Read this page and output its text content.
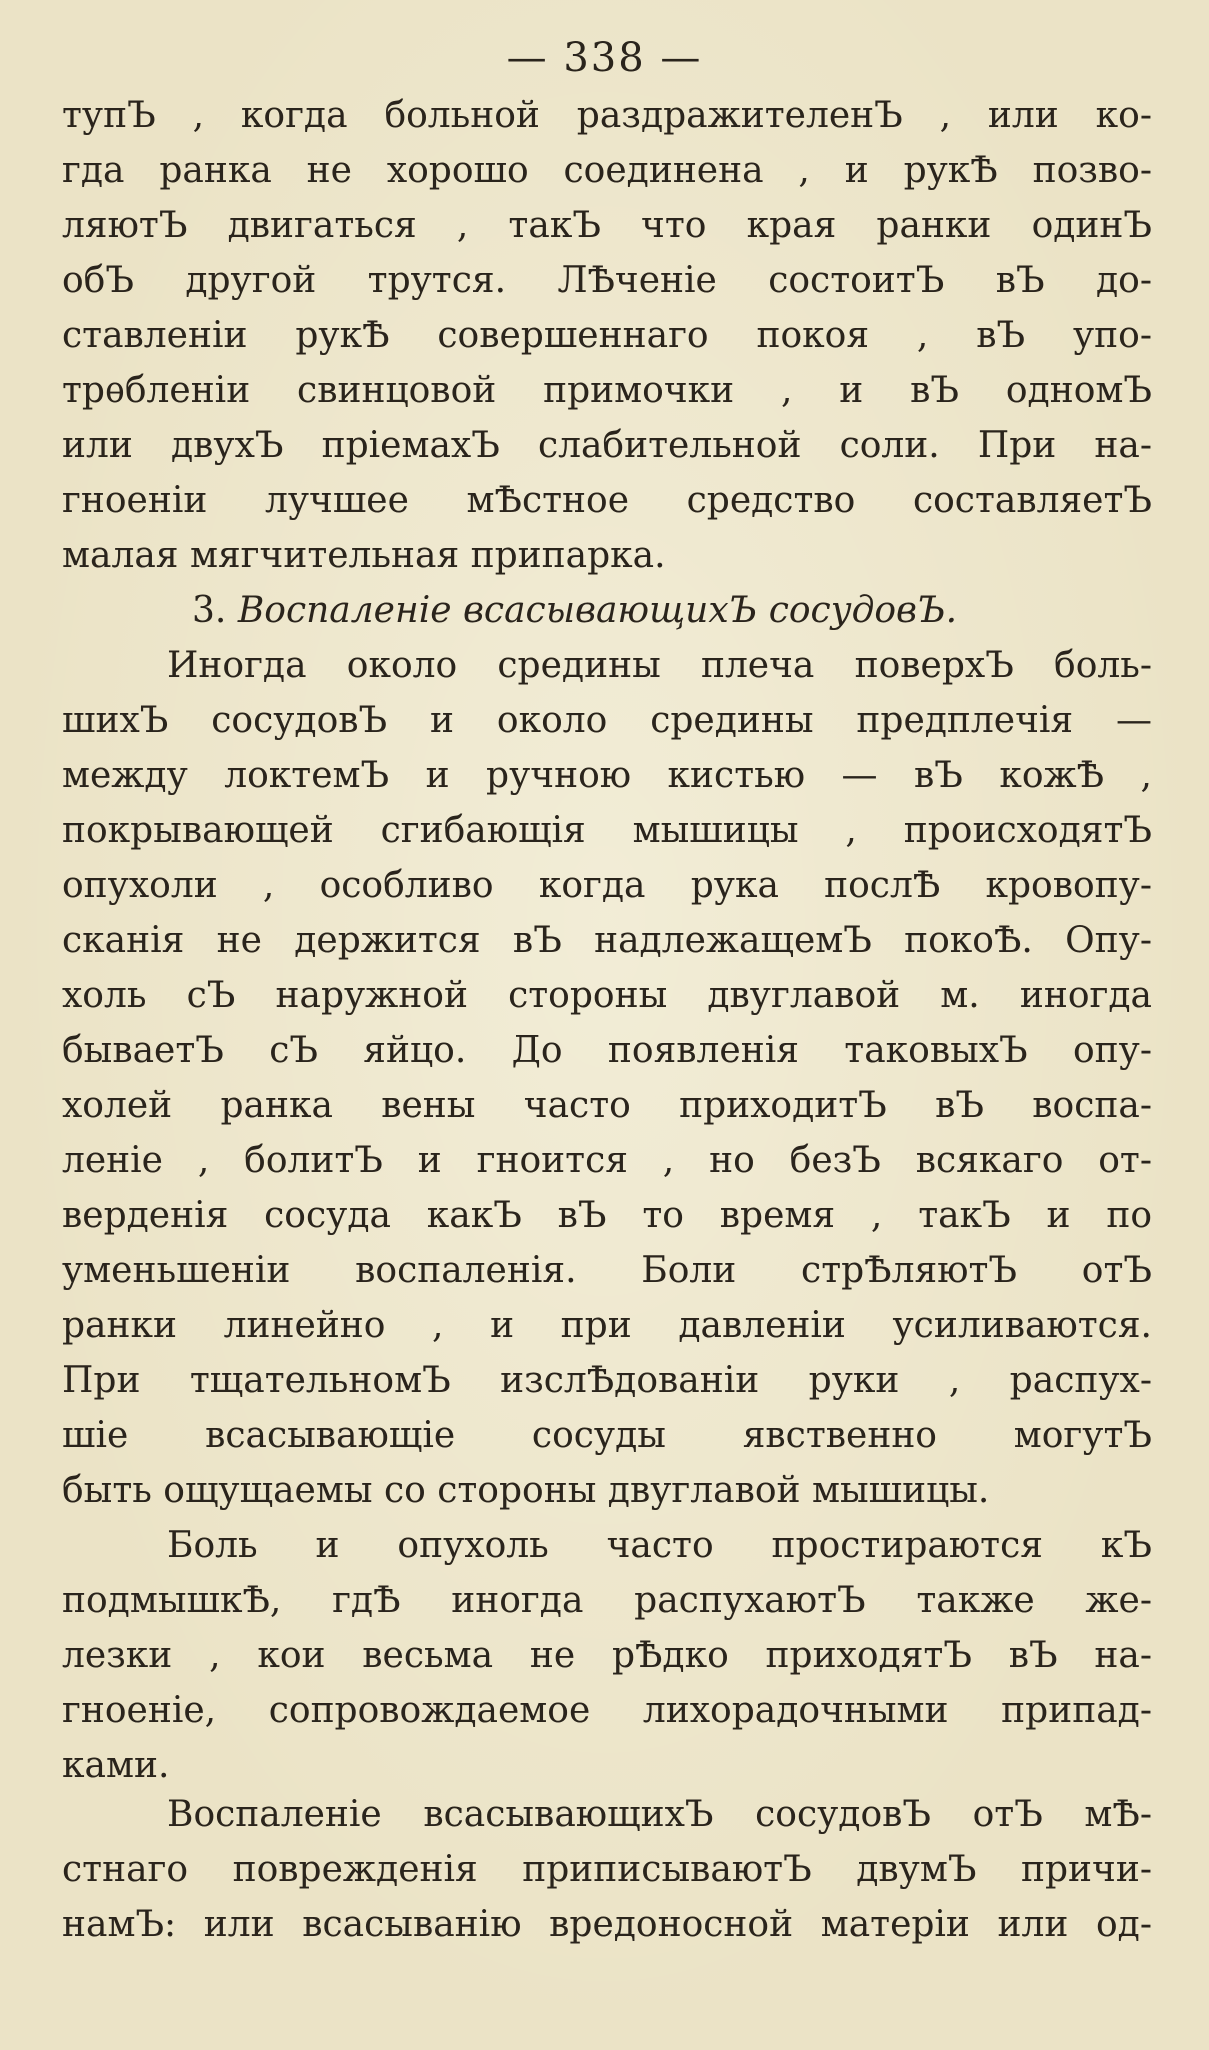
— 338 —
тупЪ , когда больной раздражителенЪ , или ко-
гда ранка не хорошо соединена , и рукѢ позво-
ляютЪ двигаться , такЪ что края ранки одинЪ
обЪ другой трутся. ЛѢченіе состоитЪ вЪ до-
ставленіи рукѢ совершеннаго покоя , вЪ упо-
трѳбленіи свинцовой примочки , и вЪ одномЪ
или двухЪ пріемахЪ слабительной соли. При на-
гноеніи лучшее мѢстное средство составляетЪ
малая мягчительная припарка.
3. Воспаленіе всасывающихЪ сосудовЪ.
Иногда около средины плеча поверхЪ боль-
шихЪ сосудовЪ и около средины предплечія —
между локтемЪ и ручною кистью — вЪ кожѢ ,
покрывающей сгибающія мышицы , происходятЪ
опухоли , особливо когда рука послѢ кровопу-
сканія не держится вЪ надлежащемЪ покоѢ. Опу-
холь сЪ наружной стороны двуглавой м. иногда
бываетЪ сЪ яйцо. До появленія таковыхЪ опу-
холей ранка вены часто приходитЪ вЪ воспа-
леніе , болитЪ и гноится , но безЪ всякаго от-
верденія сосуда какЪ вЪ то время , такЪ и по
уменьшеніи воспаленія. Боли стрѢляютЪ отЪ
ранки линейно , и при давленіи усиливаются.
При тщательномЪ изслѢдованіи руки , распух-
шіе всасывающіе сосуды явственно могутЪ
быть ощущаемы со стороны двуглавой мышицы.
Боль и опухоль часто простираются кЪ
подмышкѢ, гдѢ иногда распухаютЪ также же-
лезки , кои весьма не рѢдко приходятЪ вЪ на-
гноеніе, сопровождаемое лихорадочными припад-
ками.
Воспаленіе всасывающихЪ сосудовЪ отЪ мѢ-
стнаго поврежденія приписываютЪ двумЪ причи-
намЪ: или всасыванію вредоносной матеріи или од-
